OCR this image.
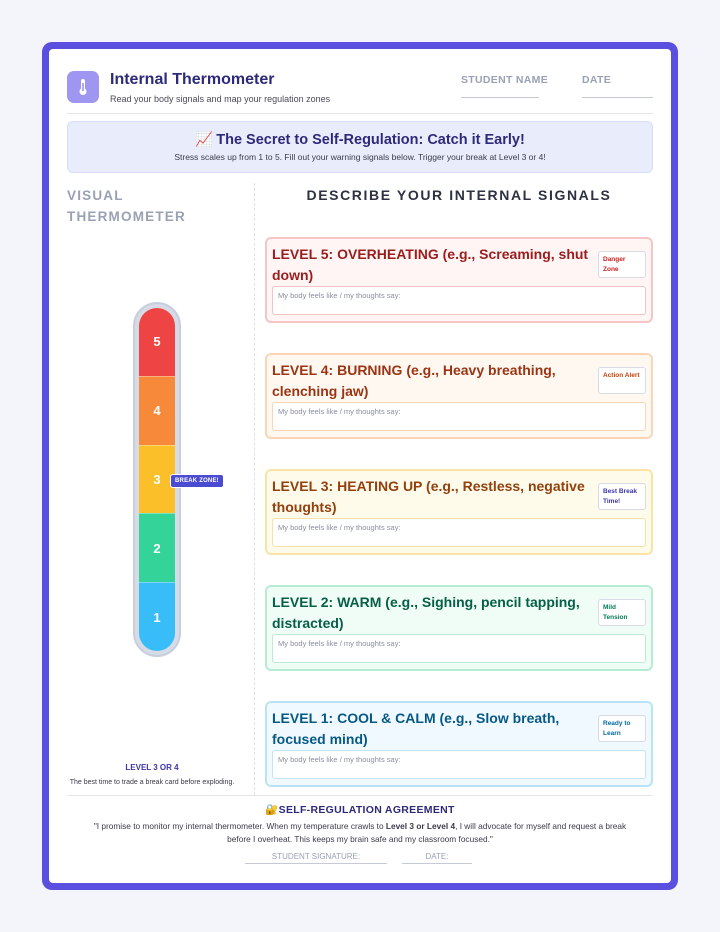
Internal Thermometer
Read your body signals and map your regulation zones
STUDENT NAME	DATE
📈 The Secret to Self-Regulation: Catch it Early!
Stress scales up from 1 to 5. Fill out your warning signals below. Trigger your break at Level 3 or 4!
VISUAL THERMOMETER
5
4
3
2
1
BREAK ZONE!
LEVEL 3 OR 4
The best time to trade a break card before exploding.
DESCRIBE YOUR INTERNAL SIGNALS
LEVEL 5: OVERHEATING (e.g., Screaming, shut down)
Danger Zone
My body feels like / my thoughts say:
LEVEL 4: BURNING (e.g., Heavy breathing, clenching jaw)
Action Alert
My body feels like / my thoughts say:
LEVEL 3: HEATING UP (e.g., Restless, negative thoughts)
Best Break Time!
My body feels like / my thoughts say:
LEVEL 2: WARM (e.g., Sighing, pencil tapping, distracted)
Mild Tension
My body feels like / my thoughts say:
LEVEL 1: COOL & CALM (e.g., Slow breath, focused mind)
Ready to Learn
My body feels like / my thoughts say:
🔐SELF-REGULATION AGREEMENT
"I promise to monitor my internal thermometer. When my temperature crawls to Level 3 or Level 4, I will advocate for myself and request a break before I overheat. This keeps my brain safe and my classroom focused."
STUDENT SIGNATURE:	DATE:
